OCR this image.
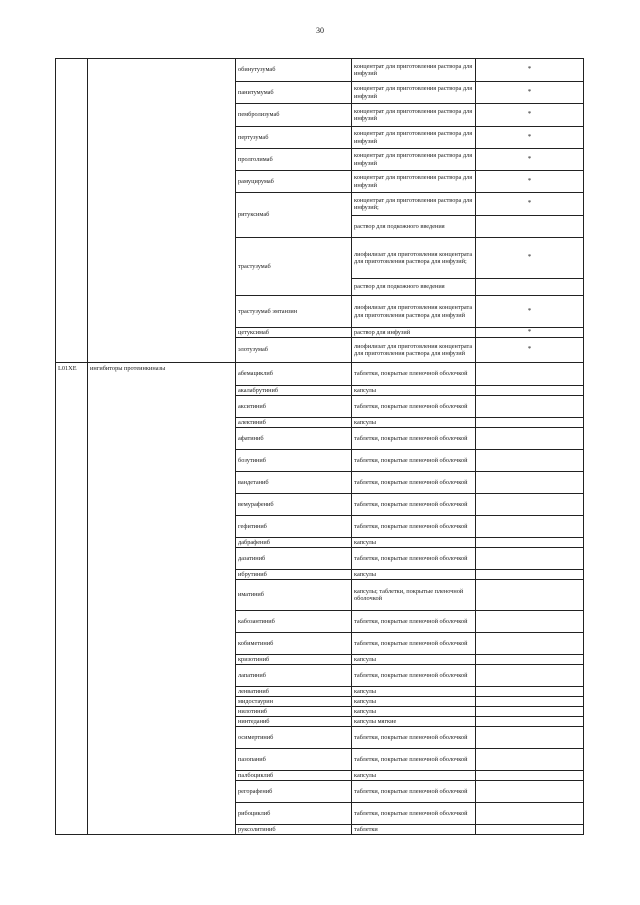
30
		обинутузумаб	концентрат для приготовления раствора для инфузий	*
		панитумумаб	концентрат для приготовления раствора для инфузий	*
		пембролизумаб	концентрат для приготовления раствора для инфузий	*
		пертузумаб	концентрат для приготовления раствора для инфузий	*
		пролголимаб	концентрат для приготовления раствора для инфузий	*
		рамуцирумаб	концентрат для приготовления раствора для инфузий	*
		ритуксимаб	концентрат для приготовления раствора для инфузий;	*
			раствор для подкожного введения	
		трастузумаб	лиофилизат для приготовления концентрата для приготовления раствора для инфузий;	*
			раствор для подкожного введения	
		трастузумаб эмтанзин	лиофилизат для приготовления концентрата для приготовления раствора для инфузий	*
		цетуксимаб	раствор для инфузий	*
		элотузумаб	лиофилизат для приготовления концентрата для приготовления раствора для инфузий	*
L01XE	ингибиторы протеинкиназы	абемациклиб	таблетки, покрытые пленочной оболочкой	
		акалабрутиниб	капсулы	
		акситиниб	таблетки, покрытые пленочной оболочкой	
		алектиниб	капсулы	
		афатиниб	таблетки, покрытые пленочной оболочкой	
		бозутиниб	таблетки, покрытые пленочной оболочкой	
		вандетаниб	таблетки, покрытые пленочной оболочкой	
		вемурафениб	таблетки, покрытые пленочной оболочкой	
		гефитиниб	таблетки, покрытые пленочной оболочкой	
		дабрафениб	капсулы	
		дазатиниб	таблетки, покрытые пленочной оболочкой	
		ибрутиниб	капсулы	
		иматиниб	капсулы; таблетки, покрытые пленочной оболочкой	
		кабозантиниб	таблетки, покрытые пленочной оболочкой	
		кобиметиниб	таблетки, покрытые пленочной оболочкой	
		кризотиниб	капсулы	
		лапатиниб	таблетки, покрытые пленочной оболочкой	
		ленватиниб	капсулы	
		мидостаурин	капсулы	
		нилотиниб	капсулы	
		нинтеданиб	капсулы мягкие	
		осимертиниб	таблетки, покрытые пленочной оболочкой	
		пазопаниб	таблетки, покрытые пленочной оболочкой	
		палбоциклиб	капсулы	
		регорафениб	таблетки, покрытые пленочной оболочкой	
		рибоциклиб	таблетки, покрытые пленочной оболочкой	
		руксолитиниб	таблетки	
